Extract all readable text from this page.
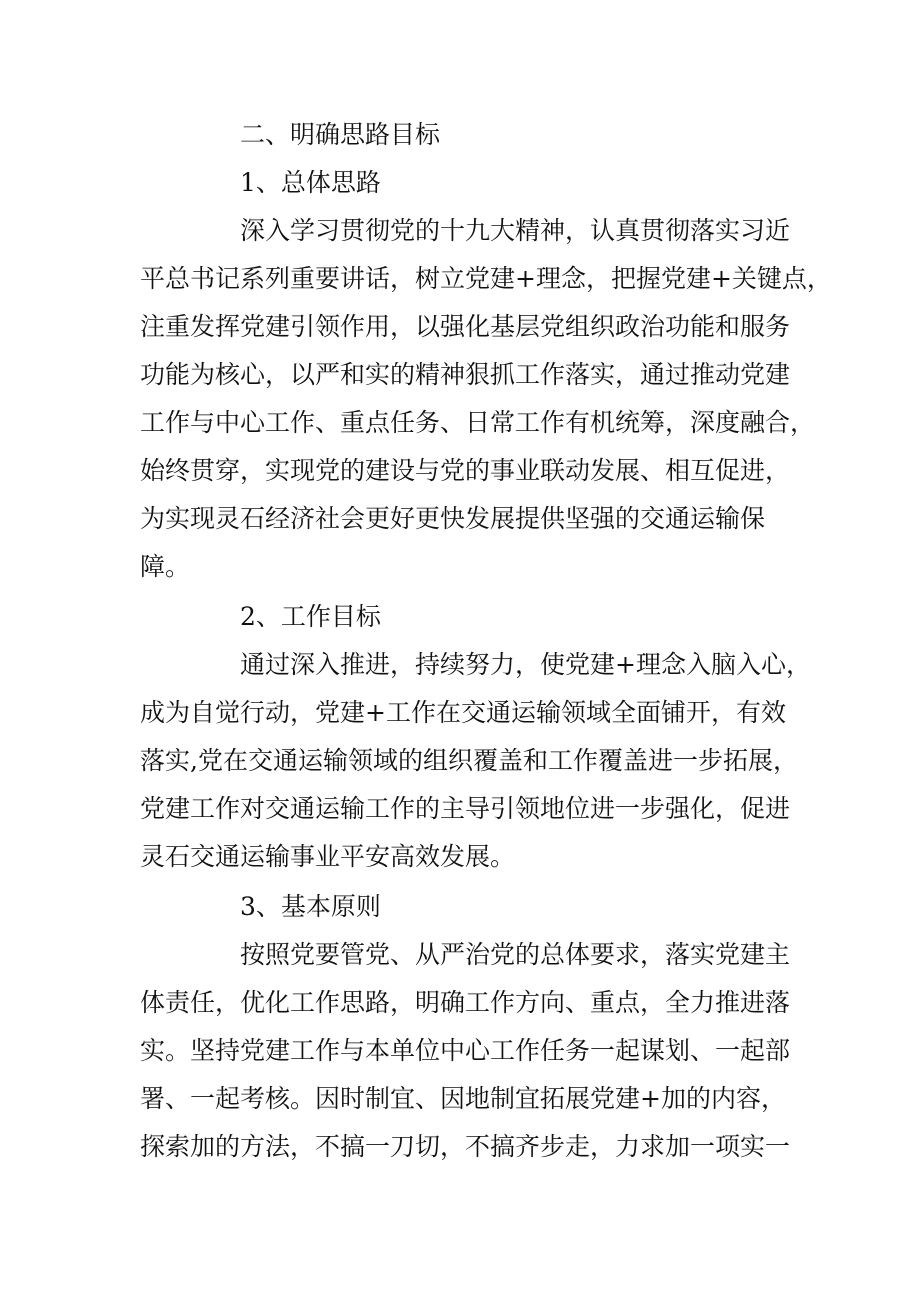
二、明确思路目标
1、总体思路
深入学习贯彻党的十九大精神，认真贯彻落实习近
平总书记系列重要讲话，树立党建+理念，把握党建+关键点，
注重发挥党建引领作用，以强化基层党组织政治功能和服务
功能为核心，以严和实的精神狠抓工作落实，通过推动党建
工作与中心工作、重点任务、日常工作有机统筹，深度融合，
始终贯穿，实现党的建设与党的事业联动发展、相互促进，
为实现灵石经济社会更好更快发展提供坚强的交通运输保
障。
2、工作目标
通过深入推进，持续努力，使党建+理念入脑入心，
成为自觉行动，党建+工作在交通运输领域全面铺开，有效
落实,党在交通运输领域的组织覆盖和工作覆盖进一步拓展，
党建工作对交通运输工作的主导引领地位进一步强化，促进
灵石交通运输事业平安高效发展。
3、基本原则
按照党要管党、从严治党的总体要求，落实党建主
体责任，优化工作思路，明确工作方向、重点，全力推进落
实。坚持党建工作与本单位中心工作任务一起谋划、一起部
署、一起考核。因时制宜、因地制宜拓展党建+加的内容，
探索加的方法，不搞一刀切，不搞齐步走，力求加一项实一
